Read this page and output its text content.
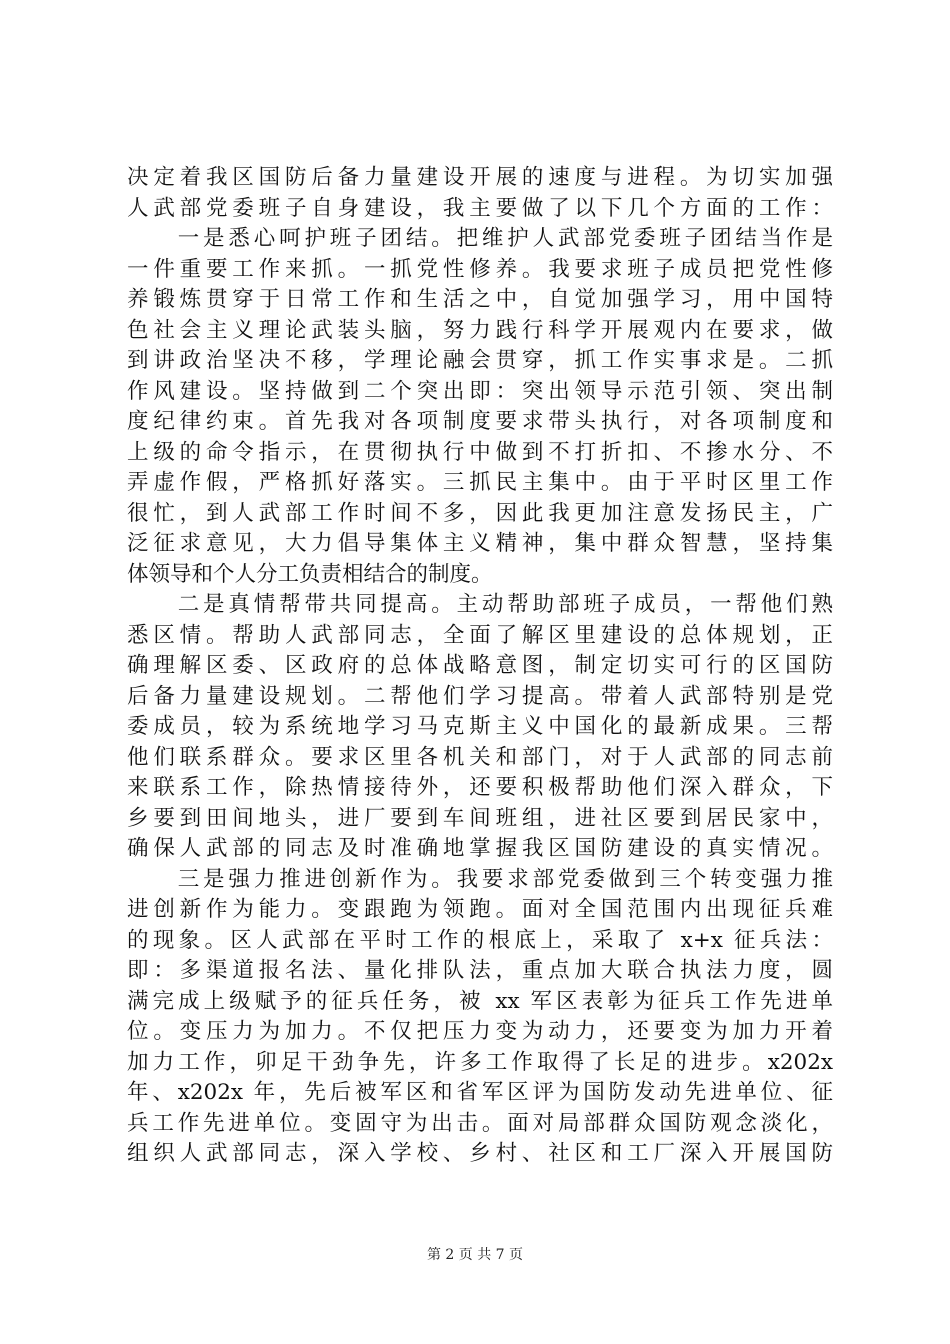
决定着我区国防后备力量建设开展的速度与进程。为切实加强
人武部党委班子自身建设，我主要做了以下几个方面的工作：
　　一是悉心呵护班子团结。把维护人武部党委班子团结当作是
一件重要工作来抓。一抓党性修养。我要求班子成员把党性修
养锻炼贯穿于日常工作和生活之中，自觉加强学习，用中国特
色社会主义理论武装头脑，努力践行科学开展观内在要求，做
到讲政治坚决不移，学理论融会贯穿，抓工作实事求是。二抓
作风建设。坚持做到二个突出即：突出领导示范引领、突出制
度纪律约束。首先我对各项制度要求带头执行，对各项制度和
上级的命令指示，在贯彻执行中做到不打折扣、不掺水分、不
弄虚作假，严格抓好落实。三抓民主集中。由于平时区里工作
很忙，到人武部工作时间不多，因此我更加注意发扬民主，广
泛征求意见，大力倡导集体主义精神，集中群众智慧，坚持集
体领导和个人分工负责相结合的制度。
　　二是真情帮带共同提高。主动帮助部班子成员，一帮他们熟
悉区情。帮助人武部同志，全面了解区里建设的总体规划，正
确理解区委、区政府的总体战略意图，制定切实可行的区国防
后备力量建设规划。二帮他们学习提高。带着人武部特别是党
委成员，较为系统地学习马克斯主义中国化的最新成果。三帮
他们联系群众。要求区里各机关和部门，对于人武部的同志前
来联系工作，除热情接待外，还要积极帮助他们深入群众，下
乡要到田间地头，进厂要到车间班组，进社区要到居民家中，
确保人武部的同志及时准确地掌握我区国防建设的真实情况。
　　三是强力推进创新作为。我要求部党委做到三个转变强力推
进创新作为能力。变跟跑为领跑。面对全国范围内出现征兵难
的现象。区人武部在平时工作的根底上，采取了 x+x 征兵法：
即：多渠道报名法、量化排队法，重点加大联合执法力度，圆
满完成上级赋予的征兵任务，被 xx 军区表彰为征兵工作先进单
位。变压力为加力。不仅把压力变为动力，还要变为加力开着
加力工作，卯足干劲争先，许多工作取得了长足的进步。x202x
年、x202x 年，先后被军区和省军区评为国防发动先进单位、征
兵工作先进单位。变固守为出击。面对局部群众国防观念淡化，
组织人武部同志，深入学校、乡村、社区和工厂深入开展国防
第 2 页 共 7 页
